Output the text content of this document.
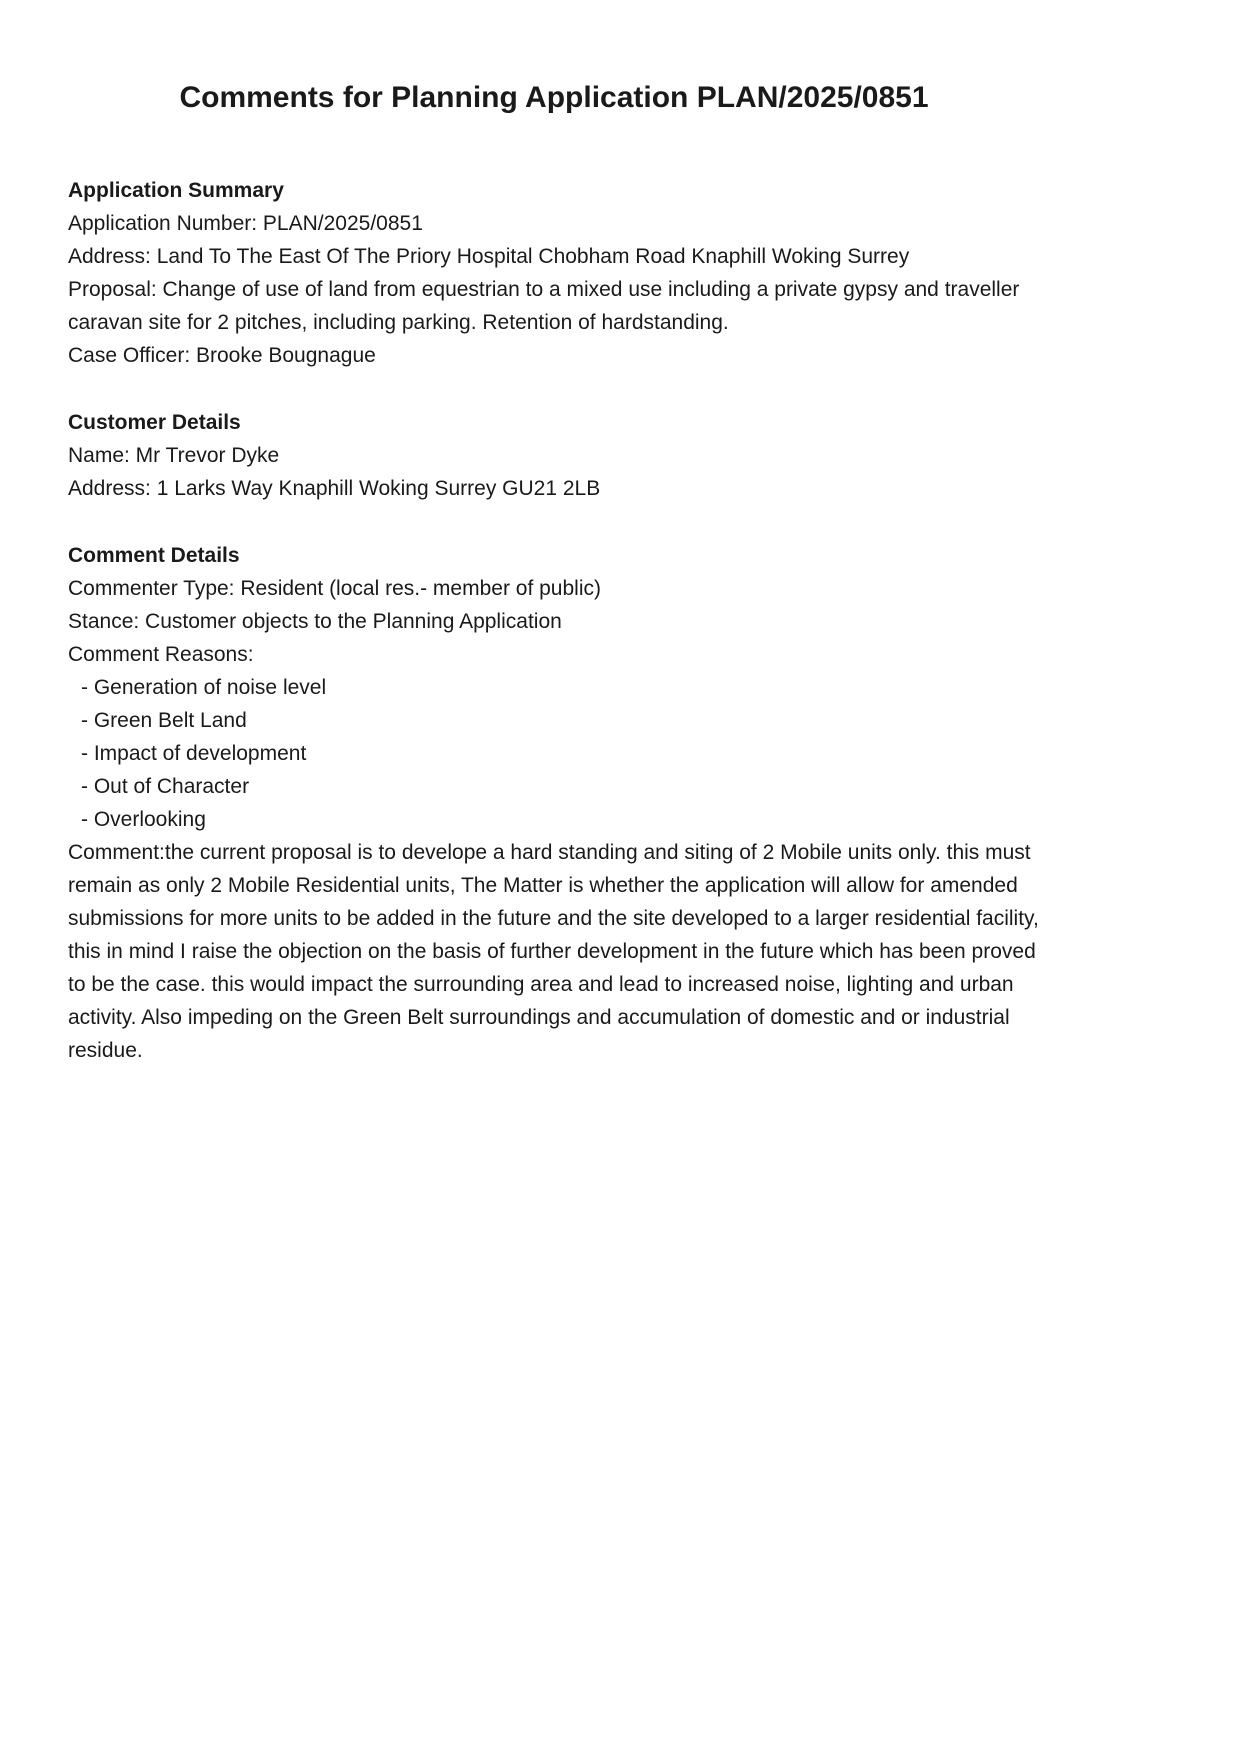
Comments for Planning Application PLAN/2025/0851

Application Summary

Application Number: PLAN/2025/0851

Address: Land To The East Of The Priory Hospital Chobham Road Knaphill Woking Surrey

Proposal: Change of use of land from equestrian to a mixed use including a private gypsy and traveller caravan site for 2 pitches, including parking. Retention of hardstanding.

Case Officer: Brooke Bougnague

Customer Details

Name: Mr Trevor Dyke

Address: 1 Larks Way Knaphill Woking Surrey GU21 2LB

Comment Details

Commenter Type: Resident (local res.- member of public)

Stance: Customer objects to the Planning Application

Comment Reasons:

- Generation of noise level

- Green Belt Land

- Impact of development

- Out of Character

- Overlooking

Comment:the current proposal is to develope a hard standing and siting of 2 Mobile units only. this must remain as only 2 Mobile Residential units, The Matter is whether the application will allow for amended submissions for more units to be added in the future and the site developed to a larger residential facility, this in mind I raise the objection on the basis of further development in the future which has been proved to be the case. this would impact the surrounding area and lead to increased noise, lighting and urban activity. Also impeding on the Green Belt surroundings and accumulation of domestic and or industrial residue.
